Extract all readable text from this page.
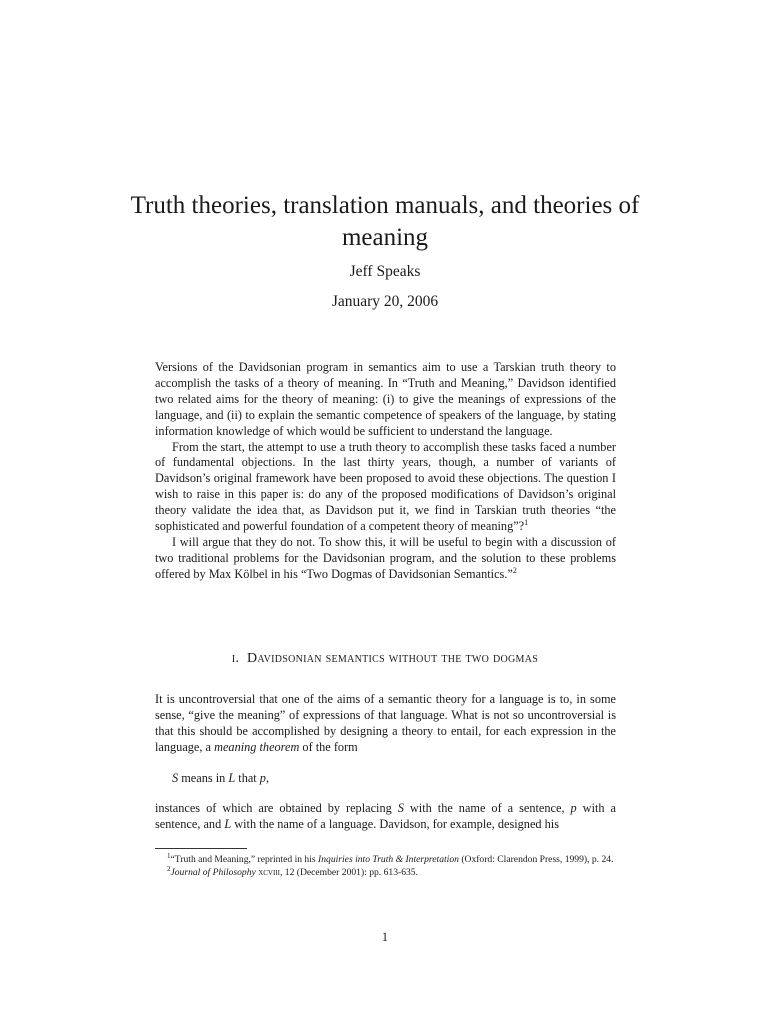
Truth theories, translation manuals, and theories of meaning
Jeff Speaks
January 20, 2006

Versions of the Davidsonian program in semantics aim to use a Tarskian truth theory to accomplish the tasks of a theory of meaning. In “Truth and Meaning,” Davidson identified two related aims for the theory of meaning: (i) to give the meanings of expressions of the language, and (ii) to explain the semantic competence of speakers of the language, by stating information knowledge of which would be sufficient to understand the language.

From the start, the attempt to use a truth theory to accomplish these tasks faced a number of fundamental objections. In the last thirty years, though, a number of variants of Davidson’s original framework have been proposed to avoid these objections. The question I wish to raise in this paper is: do any of the proposed modifications of Davidson’s original theory validate the idea that, as Davidson put it, we find in Tarskian truth theories “the sophisticated and powerful foundation of a competent theory of meaning”?$^1$

I will argue that they do not. To show this, it will be useful to begin with a discussion of two traditional problems for the Davidsonian program, and the solution to these problems offered by Max Kölbel in his “Two Dogmas of Davidsonian Semantics.”$^2$

i. Davidsonian semantics without the two dogmas

It is uncontroversial that one of the aims of a semantic theory for a language is to, in some sense, “give the meaning” of expressions of that language. What is not so uncontroversial is that this should be accomplished by designing a theory to entail, for each expression in the language, a meaning theorem of the form

S means in L that p,

instances of which are obtained by replacing S with the name of a sentence, p with a sentence, and L with the name of a language. Davidson, for example, designed his

$^1$“Truth and Meaning,” reprinted in his Inquiries into Truth & Interpretation (Oxford: Clarendon Press, 1999), p. 24.

$^2$Journal of Philosophy xcviii, 12 (December 2001): pp. 613-635.

1
